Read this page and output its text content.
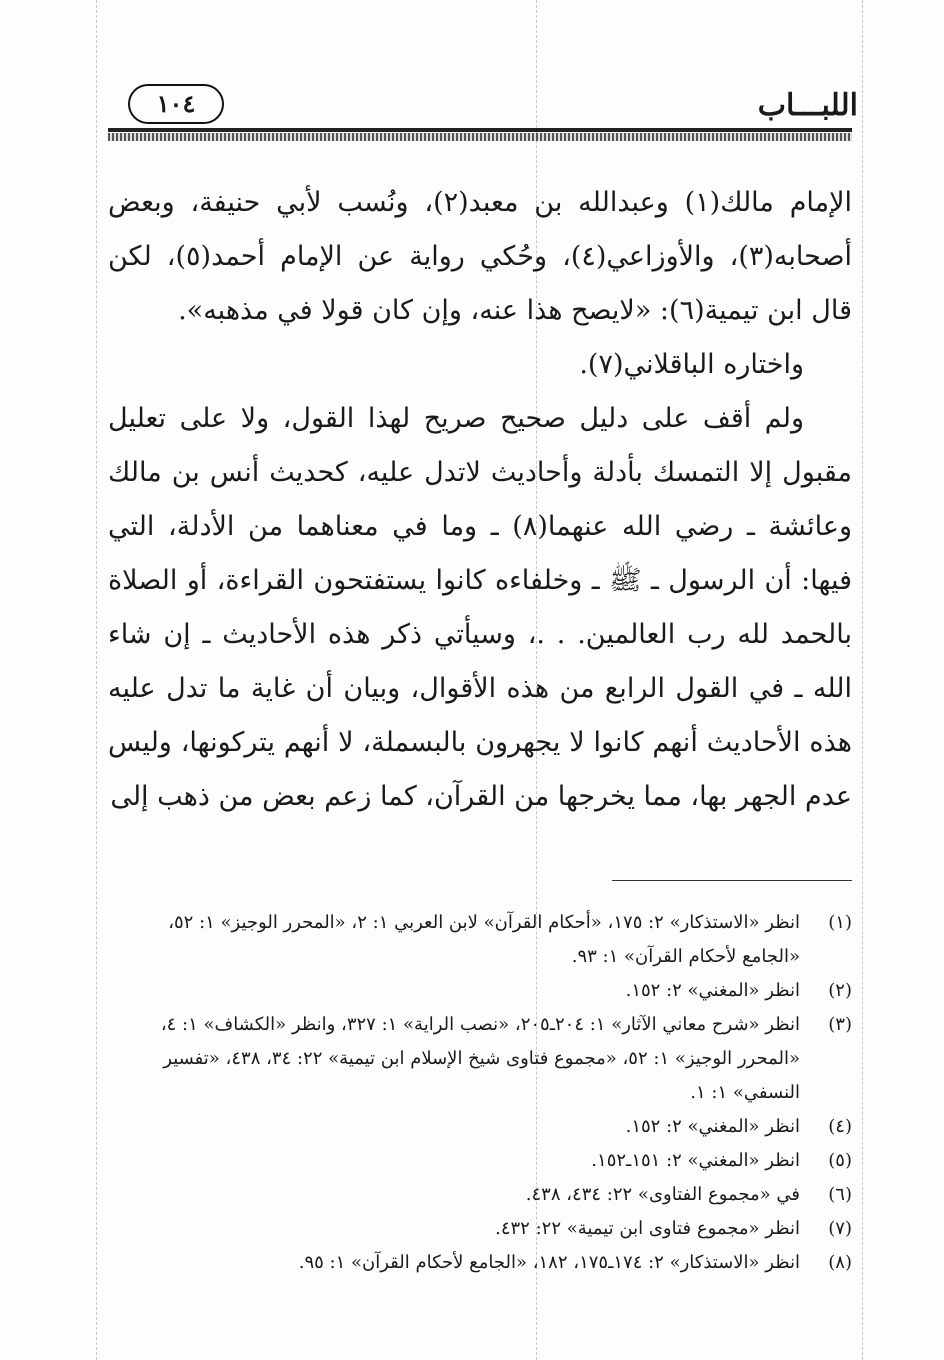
اللبـــاب
١٠٤

الإمام مالك(١) وعبدالله بن معبد(٢)، ونُسب لأبي حنيفة، وبعض أصحابه(٣)، والأوزاعي(٤)، وحُكي رواية عن الإمام أحمد(٥)، لكن قال ابن تيمية(٦): «لايصح هذا عنه، وإن كان قولا في مذهبه».

واختاره الباقلاني(٧).

ولم أقف على دليل صحيح صريح لهذا القول، ولا على تعليل مقبول إلا التمسك بأدلة وأحاديث لاتدل عليه، كحديث أنس بن مالك وعائشة ـ رضي الله عنهما(٨) ـ وما في معناهما من الأدلة، التي فيها: أن الرسول ـ ﷺ ـ وخلفاءه كانوا يستفتحون القراءة، أو الصلاة بالحمد لله رب العالمين. . .، وسيأتي ذكر هذه الأحاديث ـ إن شاء الله ـ في القول الرابع من هذه الأقوال، وبيان أن غاية ما تدل عليه هذه الأحاديث أنهم كانوا لا يجهرون بالبسملة، لا أنهم يتركونها، وليس عدم الجهر بها، مما يخرجها من القرآن، كما زعم بعض من ذهب إلى

(١)
انظر «الاستذكار» ٢: ١٧٥، «أحكام القرآن» لابن العربي ١: ٢، «المحرر الوجيز» ١: ٥٢، «الجامع لأحكام القرآن» ١: ٩٣.
(٢)
انظر «المغني» ٢: ١٥٢.
(٣)
انظر «شرح معاني الآثار» ١: ٢٠٤ـ٢٠٥، «نصب الراية» ١: ٣٢٧، وانظر «الكشاف» ١: ٤، «المحرر الوجيز» ١: ٥٢، «مجموع فتاوى شيخ الإسلام ابن تيمية» ٢٢: ٣٤، ٤٣٨، «تفسير النسفي» ١: ١.
(٤)
انظر «المغني» ٢: ١٥٢.
(٥)
انظر «المغني» ٢: ١٥١ـ١٥٢.
(٦)
في «مجموع الفتاوى» ٢٢: ٤٣٤، ٤٣٨.
(٧)
انظر «مجموع فتاوى ابن تيمية» ٢٢: ٤٣٢.
(٨)
انظر «الاستذكار» ٢: ١٧٤ـ١٧٥، ١٨٢، «الجامع لأحكام القرآن» ١: ٩٥.
